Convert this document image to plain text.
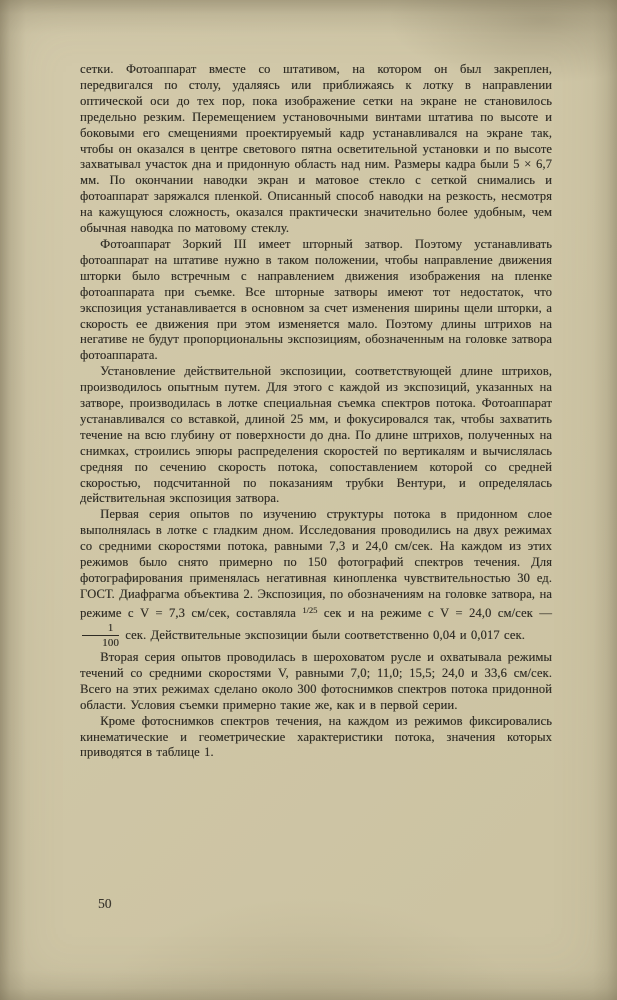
сетки. Фотоаппарат вместе со штативом, на котором он был закреплен, передвигался по столу, удаляясь или приближаясь к лотку в направлении оптической оси до тех пор, пока изображение сетки на экране не становилось предельно резким. Перемещением установочными винтами штатива по высоте и боковыми его смещениями проектируемый кадр устанавливался на экране так, чтобы он оказался в центре светового пятна осветительной установки и по высоте захватывал участок дна и придонную область над ним. Размеры кадра были 5 × 6,7 мм. По окончании наводки экран и матовое стекло с сеткой снимались и фотоаппарат заряжался пленкой. Описанный способ наводки на резкость, несмотря на кажущуюся сложность, оказался практически значительно более удобным, чем обычная наводка по матовому стеклу.

Фотоаппарат Зоркий III имеет шторный затвор. Поэтому устанавливать фотоаппарат на штативе нужно в таком положении, чтобы направление движения шторки было встречным с направлением движения изображения на пленке фотоаппарата при съемке. Все шторные затворы имеют тот недостаток, что экспозиция устанавливается в основном за счет изменения ширины щели шторки, а скорость ее движения при этом изменяется мало. Поэтому длины штрихов на негативе не будут пропорциональны экспозициям, обозначенным на головке затвора фотоаппарата.

Установление действительной экспозиции, соответствующей длине штрихов, производилось опытным путем. Для этого с каждой из экспозиций, указанных на затворе, производилась в лотке специальная съемка спектров потока. Фотоаппарат устанавливался со вставкой, длиной 25 мм, и фокусировался так, чтобы захватить течение на всю глубину от поверхности до дна. По длине штрихов, полученных на снимках, строились эпюры распределения скоростей по вертикалям и вычислялась средняя по сечению скорость потока, сопоставлением которой со средней скоростью, подсчитанной по показаниям трубки Вентури, и определялась действительная экспозиция затвора.

Первая серия опытов по изучению структуры потока в придонном слое выполнялась в лотке с гладким дном. Исследования проводились на двух режимах со средними скоростями потока, равными 7,3 и 24,0 см/сек. На каждом из этих режимов было снято примерно по 150 фотографий спектров течения. Для фотографирования применялась негативная кинопленка чувствительностью 30 ед. ГОСТ. Диафрагма объектива 2. Экспозиция, по обозначениям на головке затвора, на режиме с V = 7,3 см/сек, составляла $^{1/25}$ сек и на режиме с V = 24,0 см/сек —
$\frac{1}{100}$ сек. Действительные экспозиции были соответственно 0,04 и 0,017 сек.

Вторая серия опытов проводилась в шероховатом русле и охватывала режимы течений со средними скоростями V, равными 7,0; 11,0; 15,5; 24,0 и 33,6 см/сек. Всего на этих режимах сделано около 300 фотоснимков спектров потока придонной области. Условия съемки примерно такие же, как и в первой серии.

Кроме фотоснимков спектров течения, на каждом из режимов фиксировались кинематические и геометрические характеристики потока, значения которых приводятся в таблице 1.

50
